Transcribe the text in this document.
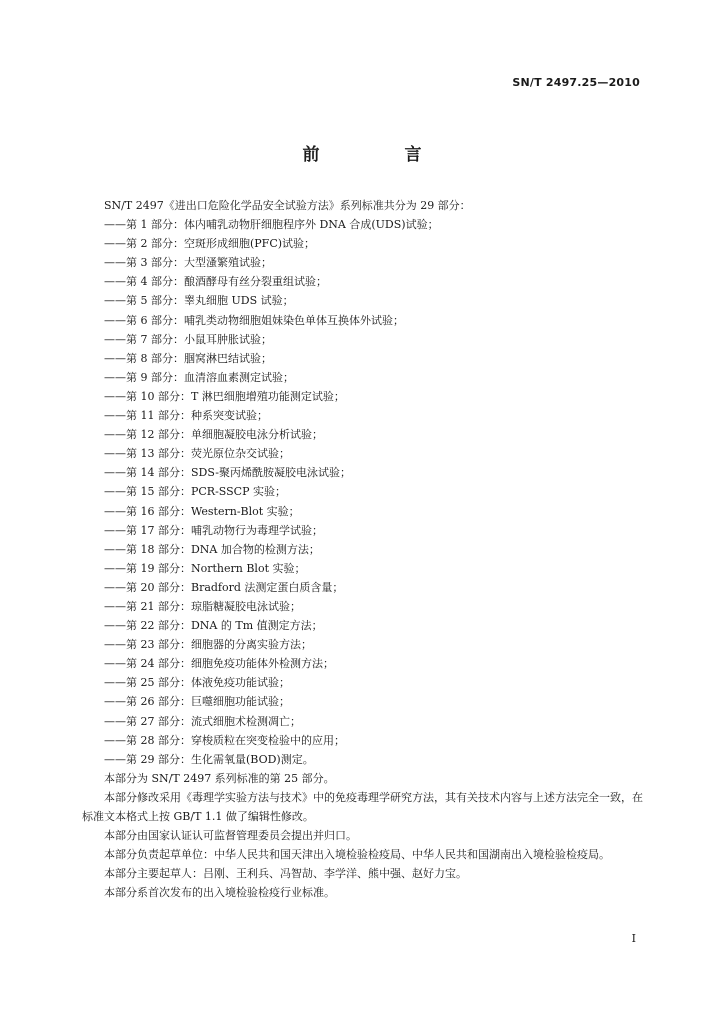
SN/T 2497.25—2010
前　言
SN/T 2497《进出口危险化学品安全试验方法》系列标准共分为 29 部分：
——第 1 部分：体内哺乳动物肝细胞程序外 DNA 合成(UDS)试验；
——第 2 部分：空斑形成细胞(PFC)试验；
——第 3 部分：大型溞繁殖试验；
——第 4 部分：酿酒酵母有丝分裂重组试验；
——第 5 部分：睾丸细胞 UDS 试验；
——第 6 部分：哺乳类动物细胞姐妹染色单体互换体外试验；
——第 7 部分：小鼠耳肿胀试验；
——第 8 部分：腘窝淋巴结试验；
——第 9 部分：血清溶血素测定试验；
——第 10 部分：T 淋巴细胞增殖功能测定试验；
——第 11 部分：种系突变试验；
——第 12 部分：单细胞凝胶电泳分析试验；
——第 13 部分：荧光原位杂交试验；
——第 14 部分：SDS-聚丙烯酰胺凝胶电泳试验；
——第 15 部分：PCR-SSCP 实验；
——第 16 部分：Western-Blot 实验；
——第 17 部分：哺乳动物行为毒理学试验；
——第 18 部分：DNA 加合物的检测方法；
——第 19 部分：Northern Blot 实验；
——第 20 部分：Bradford 法测定蛋白质含量；
——第 21 部分：琼脂糖凝胶电泳试验；
——第 22 部分：DNA 的 Tm 值测定方法；
——第 23 部分：细胞器的分离实验方法；
——第 24 部分：细胞免疫功能体外检测方法；
——第 25 部分：体液免疫功能试验；
——第 26 部分：巨噬细胞功能试验；
——第 27 部分：流式细胞术检测凋亡；
——第 28 部分：穿梭质粒在突变检验中的应用；
——第 29 部分：生化需氧量(BOD)测定。
本部分为 SN/T 2497 系列标准的第 25 部分。
本部分修改采用《毒理学实验方法与技术》中的免疫毒理学研究方法，其有关技术内容与上述方法完全一致，在标准文本格式上按 GB/T 1.1 做了编辑性修改。
本部分由国家认证认可监督管理委员会提出并归口。
本部分负责起草单位：中华人民共和国天津出入境检验检疫局、中华人民共和国湖南出入境检验检疫局。
本部分主要起草人：吕刚、王利兵、冯智劼、李学洋、熊中强、赵好力宝。
本部分系首次发布的出入境检验检疫行业标准。
I
